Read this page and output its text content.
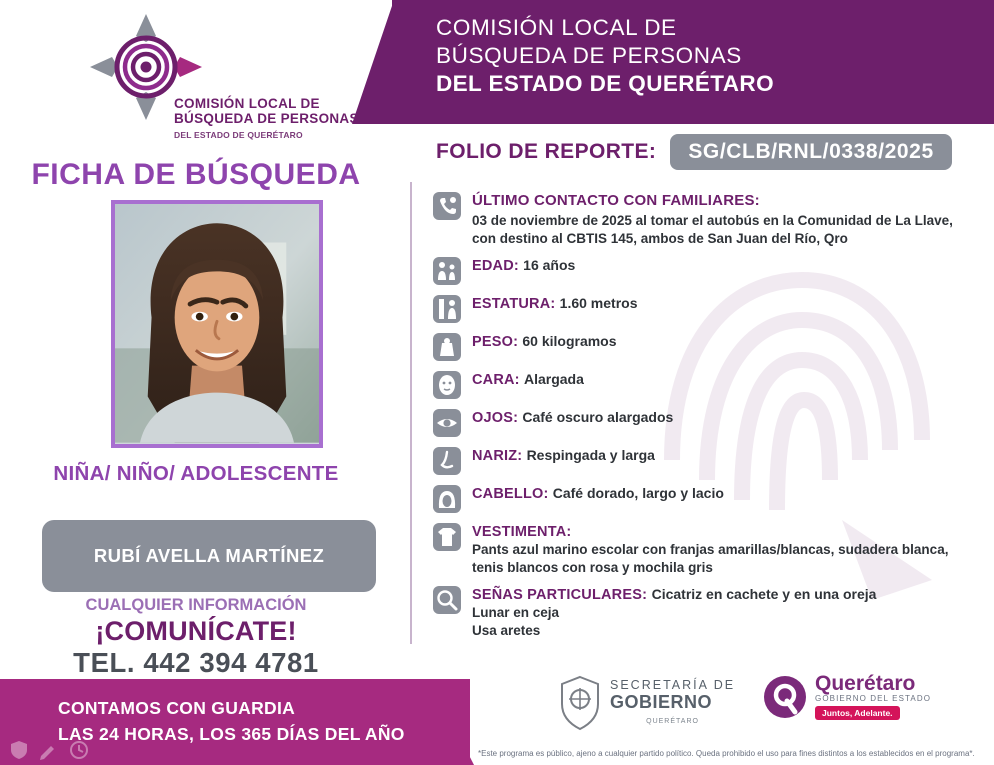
COMISIÓN LOCAL DE
BÚSQUEDA DE PERSONAS
DEL ESTADO DE QUERÉTARO
COMISIÓN LOCAL DE
BÚSQUEDA DE PERSONAS
DEL ESTADO DE QUERÉTARO
FICHA DE BÚSQUEDA
NIÑA/ NIÑO/ ADOLESCENTE
RUBÍ AVELLA MARTÍNEZ
CUALQUIER INFORMACIÓN
¡COMUNÍCATE!
TEL. 442 394 4781
FOLIO DE REPORTE:	SG/CLB/RNL/0338/2025
ÚLTIMO CONTACTO CON FAMILIARES:
03 de noviembre de 2025 al tomar el autobús en la Comunidad de La Llave, con destino al CBTIS 145, ambos de San Juan del Río, Qro
EDAD: 16 años
ESTATURA: 1.60 metros
PESO: 60 kilogramos
CARA: Alargada
OJOS: Café oscuro alargados
NARIZ: Respingada y larga
CABELLO: Café dorado, largo y lacio
VESTIMENTA: Pants azul marino escolar con franjas amarillas/blancas, sudadera blanca, tenis blancos con rosa y mochila gris
SEÑAS PARTICULARES: Cicatriz en cachete y en una oreja
Lunar en ceja
Usa aretes
CONTAMOS CON GUARDIA
LAS 24 HORAS, LOS 365 DÍAS DEL AÑO
SECRETARÍA DE
GOBIERNO
QUERÉTARO
Querétaro
GOBIERNO DEL ESTADO
Juntos, Adelante.
*Este programa es público, ajeno a cualquier partido político. Queda prohibido el uso para fines distintos a los establecidos en el programa*.
